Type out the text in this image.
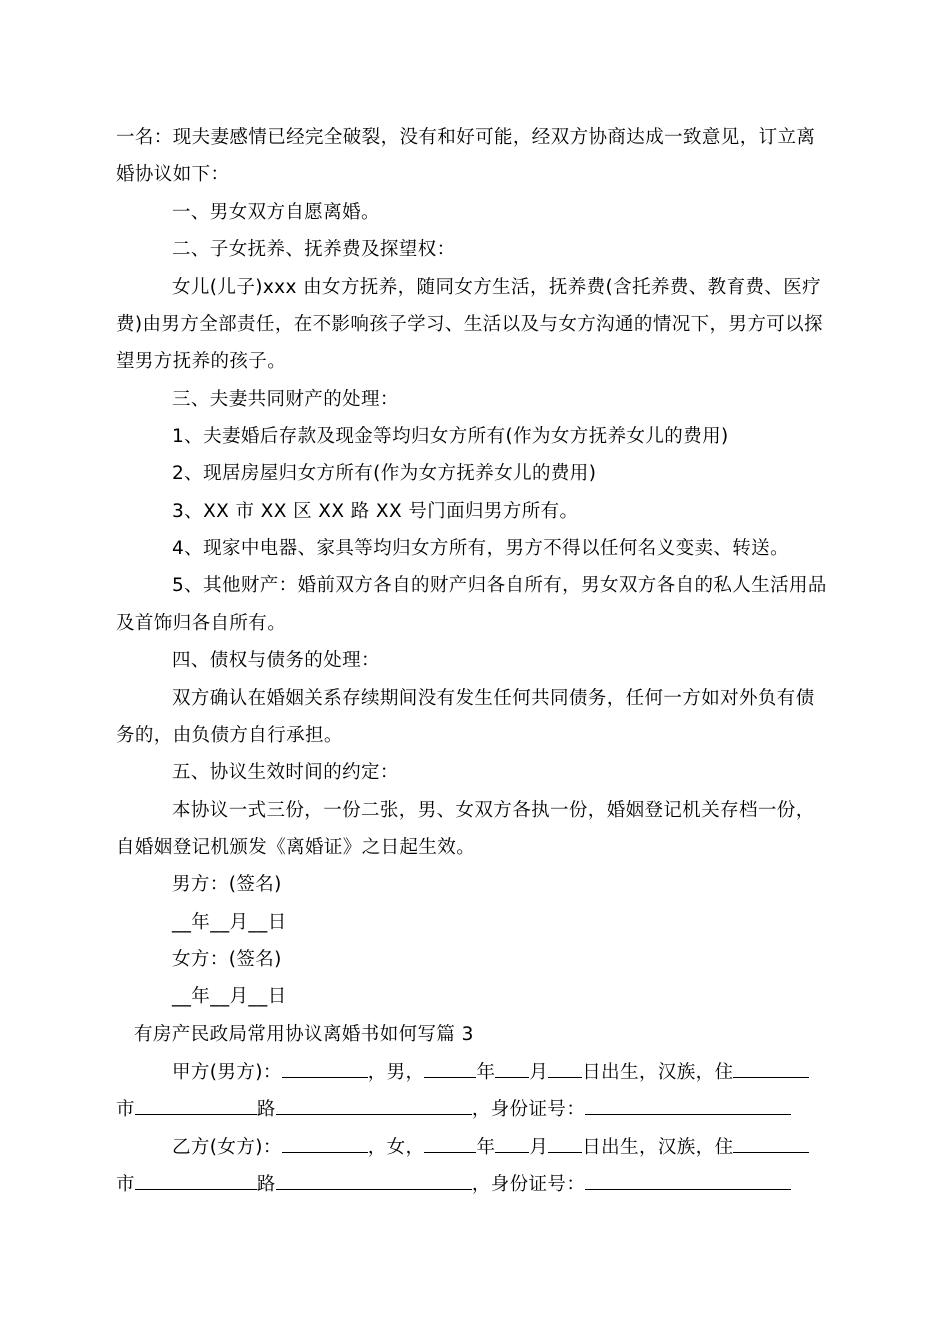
一名：现夫妻感情已经完全破裂，没有和好可能，经双方协商达成一致意见，订立离
婚协议如下：
一、男女双方自愿离婚。
二、子女抚养、抚养费及探望权：
女儿(儿子)xxx 由女方抚养，随同女方生活，抚养费(含托养费、教育费、医疗
费)由男方全部责任，在不影响孩子学习、生活以及与女方沟通的情况下，男方可以探
望男方抚养的孩子。
三、夫妻共同财产的处理：
1、夫妻婚后存款及现金等均归女方所有(作为女方抚养女儿的费用)
2、现居房屋归女方所有(作为女方抚养女儿的费用)
3、XX 市 XX 区 XX 路 XX 号门面归男方所有。
4、现家中电器、家具等均归女方所有，男方不得以任何名义变卖、转送。
5、其他财产：婚前双方各自的财产归各自所有，男女双方各自的私人生活用品
及首饰归各自所有。
四、债权与债务的处理：
双方确认在婚姻关系存续期间没有发生任何共同债务，任何一方如对外负有债
务的，由负债方自行承担。
五、协议生效时间的约定：
本协议一式三份，一份二张，男、女双方各执一份，婚姻登记机关存档一份，
自婚姻登记机颁发《离婚证》之日起生效。
男方：(签名)
__年__月__日
女方：(签名)
__年__月__日
有房产民政局常用协议离婚书如何写篇 3
甲方(男方)：	，男，	年 月 日出生，汉族，住
市	路	，身份证号：
乙方(女方)：	，女，	年 月 日出生，汉族，住
市	路	，身份证号：
